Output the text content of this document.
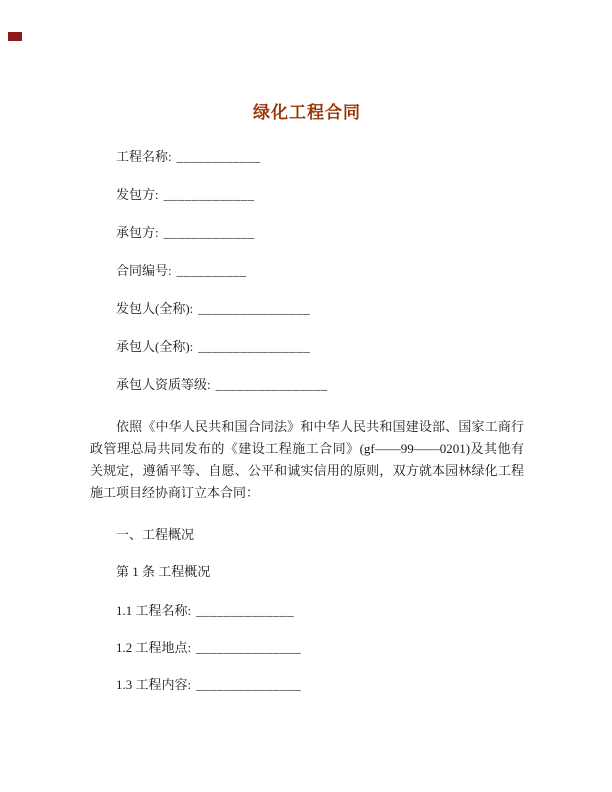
绿化工程合同
工程名称: ____________
发包方: _____________
承包方: _____________
合同编号: __________
发包人(全称): ________________
承包人(全称): ________________
承包人资质等级: ________________

依照《中华人民共和国合同法》和中华人民共和国建设部、国家工商行政管理总局共同发布的《建设工程施工合同》(gf——99——0201)及其他有关规定，遵循平等、自愿、公平和诚实信用的原则，双方就本园林绿化工程施工项目经协商订立本合同：

一、工程概况
第 1 条 工程概况
1.1 工程名称: ______________
1.2 工程地点: _______________
1.3 工程内容: _______________
